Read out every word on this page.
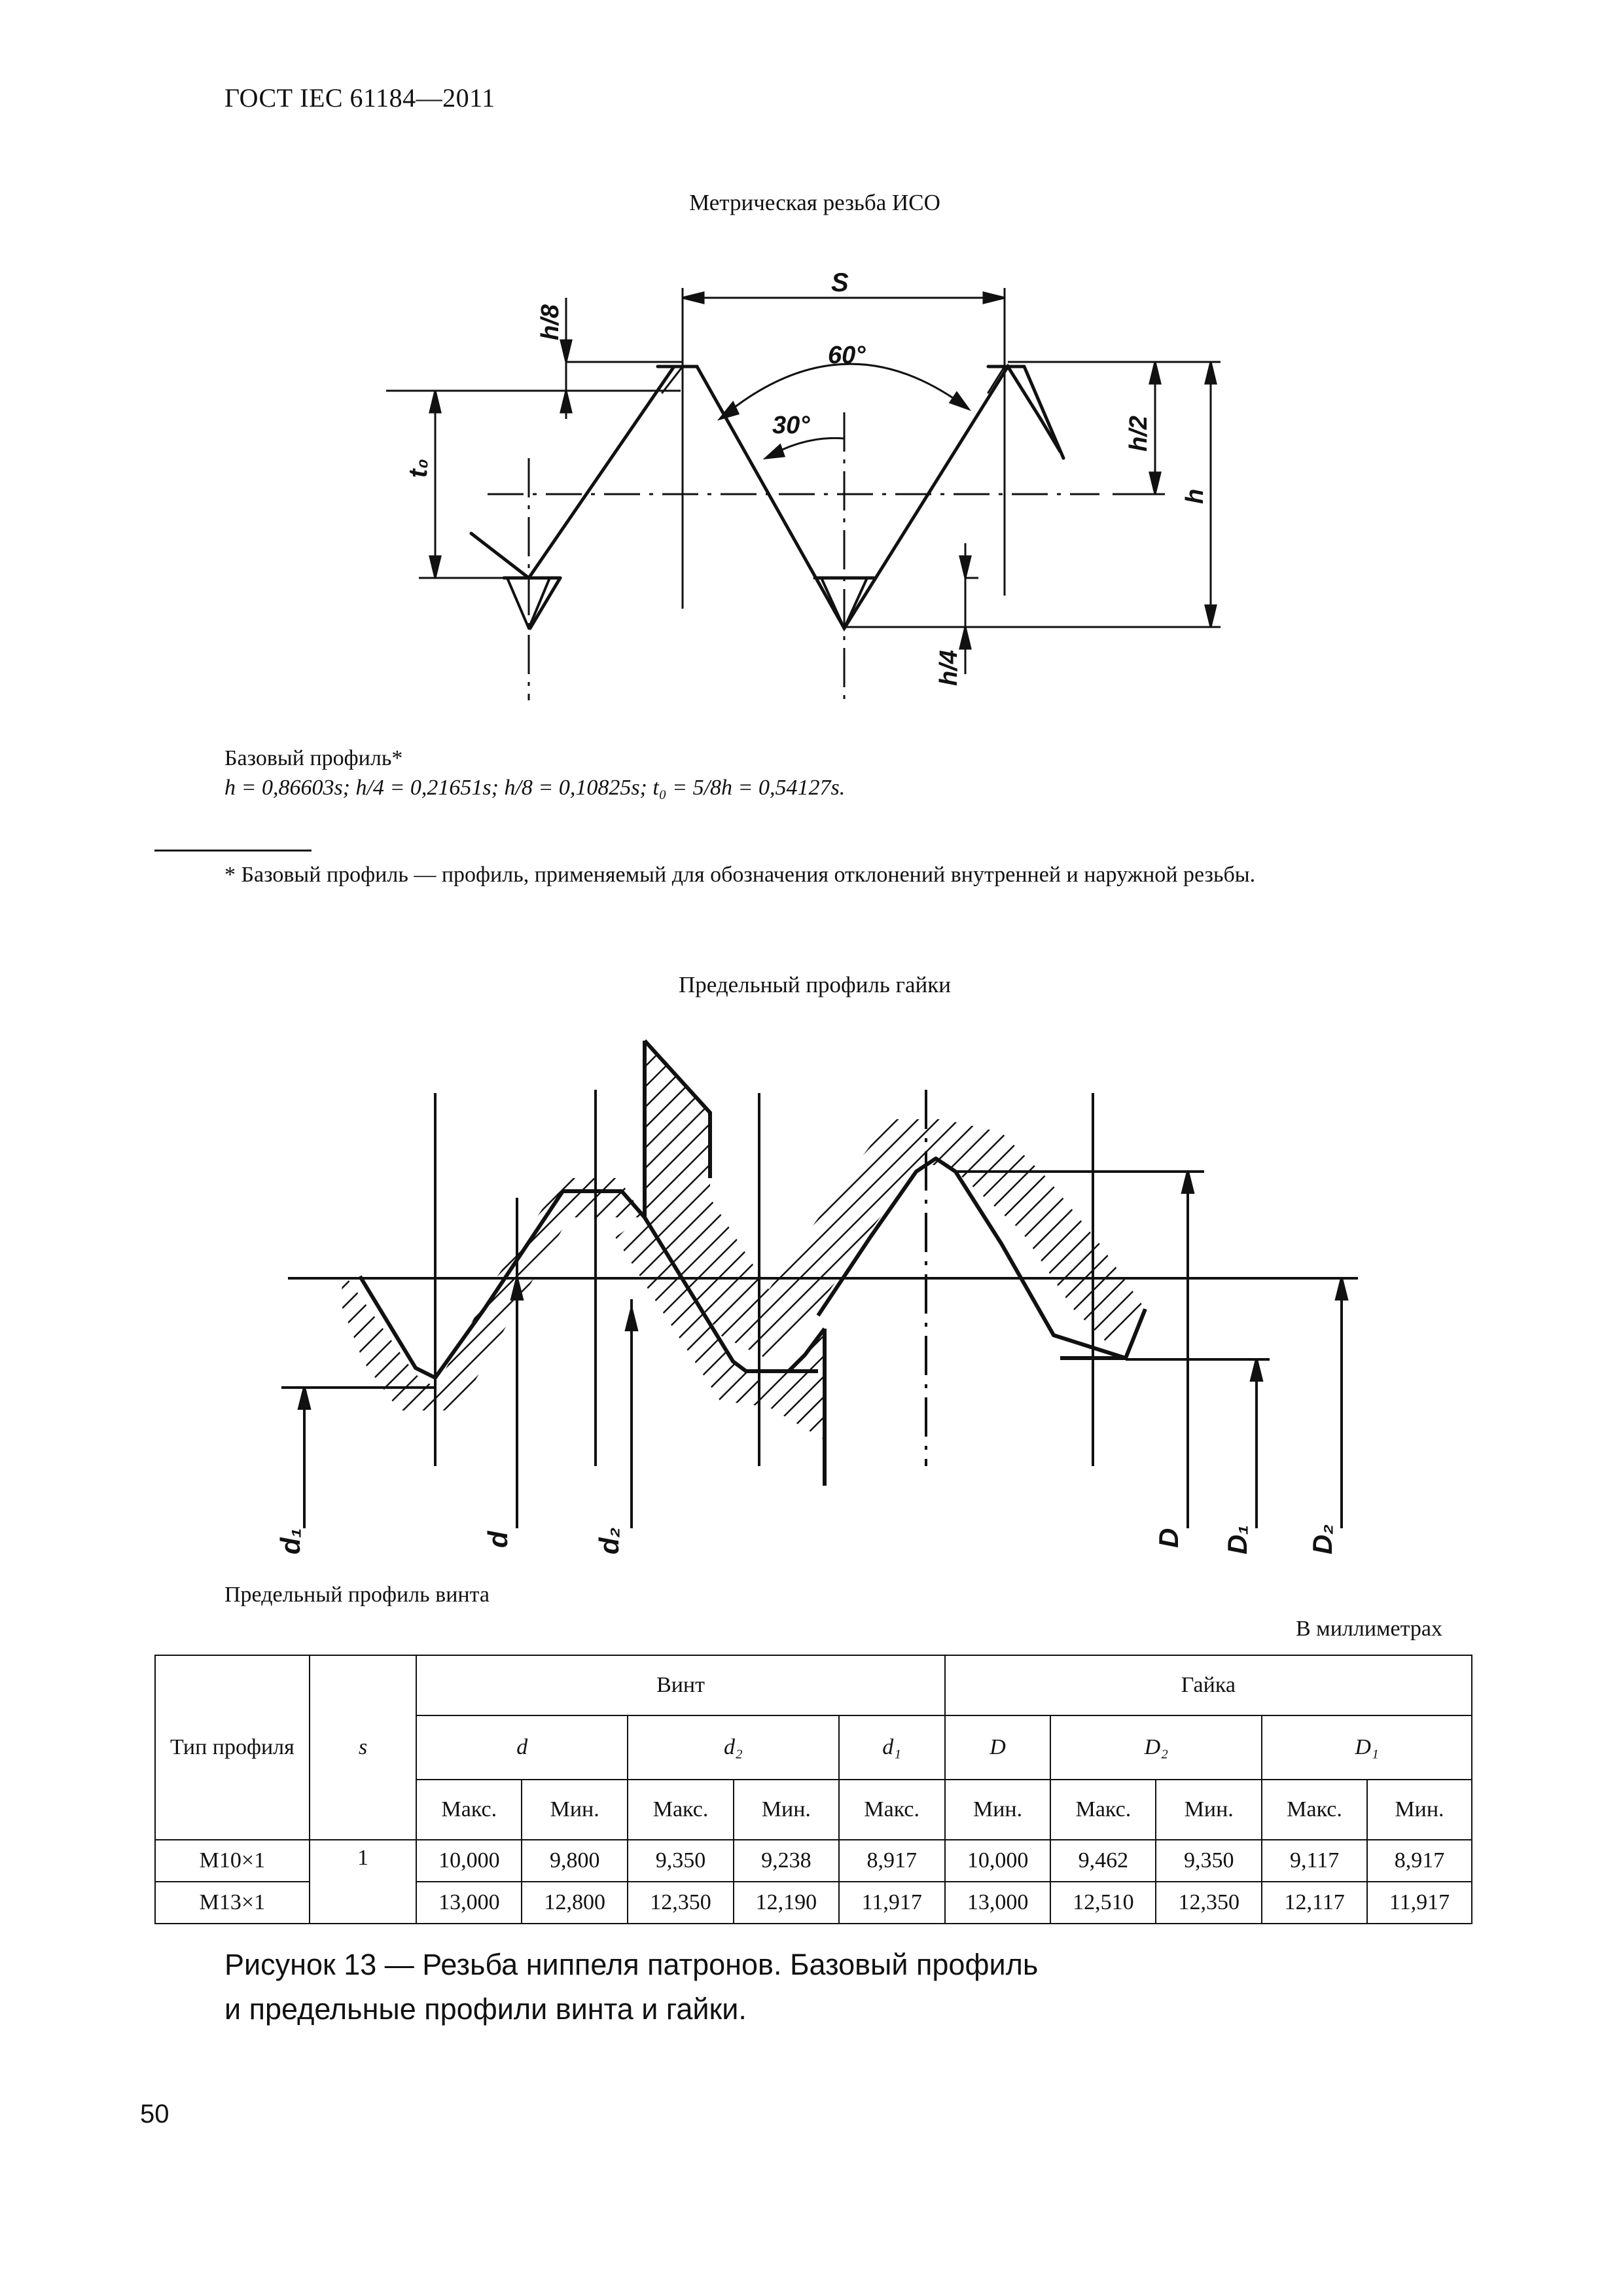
ГОСТ IEC 61184—2011
Метрическая резьба ИСО
S
60°
30°
h/8
t₀
h/2
h
h/4
Базовый профиль*
h = 0,86603s; h/4 = 0,21651s; h/8 = 0,10825s; t₀ = 5/8h = 0,54127s.
* Базовый профиль — профиль, применяемый для обозначения отклонений внутренней и наружной резьбы.
Предельный профиль гайки
d₁	d	d₂	D D₁ D₂
Предельный профиль винта
В миллиметрах
Тип профиля	s	Винт					Гайка				
		d		d₂		d₁	D	D₂		D₁	
		Макс.	Мин.	Макс.	Мин.	Макс.	Мин.	Макс.	Мин.	Макс.	Мин.
M10×1	1	10,000	9,800	9,350	9,238	8,917	10,000	9,462	9,350	9,117	8,917
M13×1		13,000	12,800	12,350	12,190	11,917	13,000	12,510	12,350	12,117	11,917
Рисунок 13 — Резьба ниппеля патронов. Базовый профиль
и предельные профили винта и гайки.
50
